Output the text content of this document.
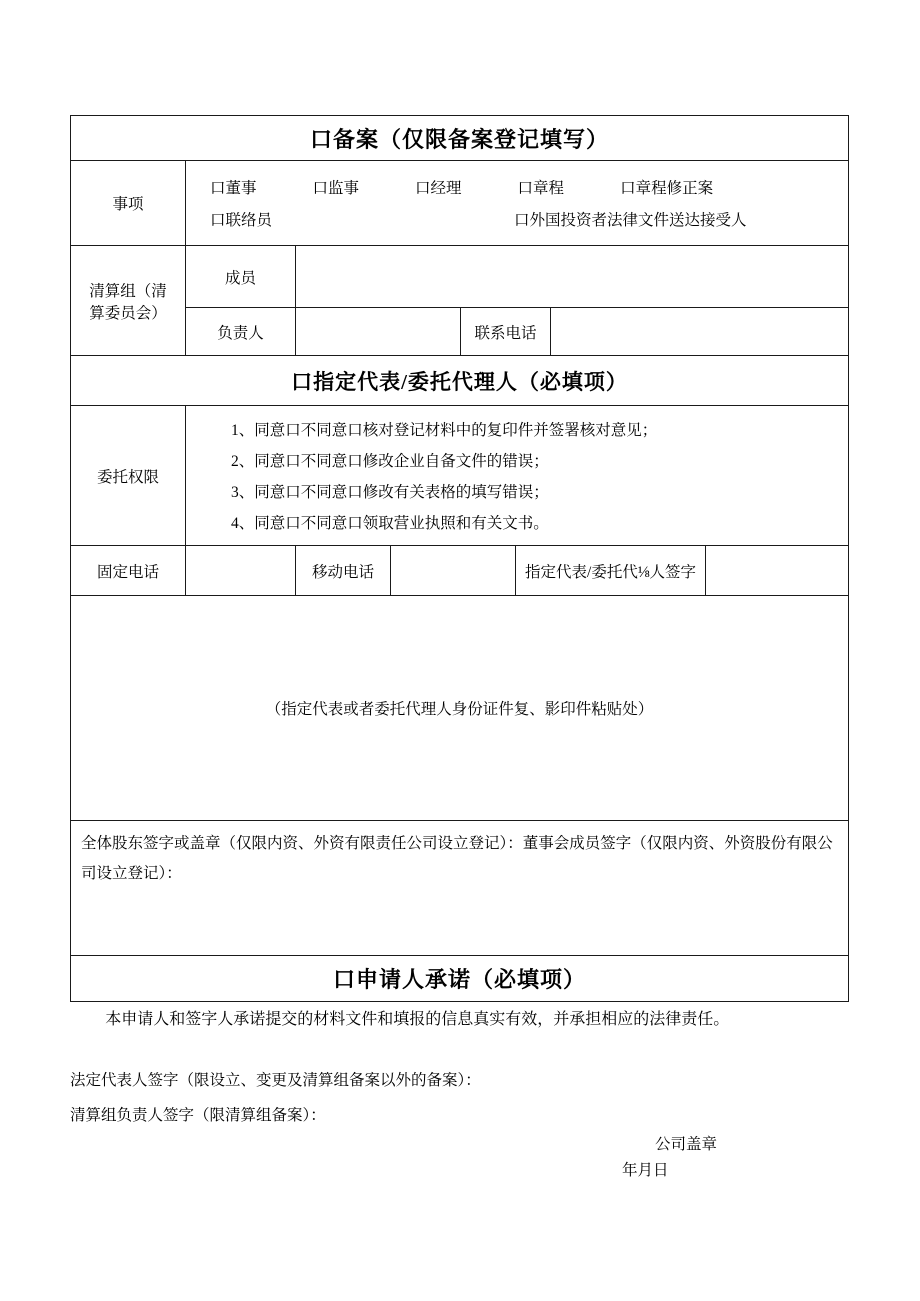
口备案（仅限备案登记填写）
事项
口董事	口监事	口经理	口章程	口章程修正案
口联络员	口外国投资者法律文件送达接受人
清算组（清算委员会）
成员
负责人	联系电话
口指定代表/委托代理人（必填项）
委托权限
1、同意口不同意口核对登记材料中的复印件并签署核对意见；
2、同意口不同意口修改企业自备文件的错误；
3、同意口不同意口修改有关表格的填写错误；
4、同意口不同意口领取营业执照和有关文书。
固定电话	移动电话	指定代表/委托代⅛人签字
（指定代表或者委托代理人身份证件复、影印件粘贴处）
全体股东签字或盖章（仅限内资、外资有限责任公司设立登记）：董事会成员签字（仅限内资、外资股份有限公司设立登记）：
口申请人承诺（必填项）
本申请人和签字人承诺提交的材料文件和填报的信息真实有效，并承担相应的法律责任。
法定代表人签字（限设立、变更及清算组备案以外的备案）：
清算组负责人签字（限清算组备案）：
公司盖章
年月日
